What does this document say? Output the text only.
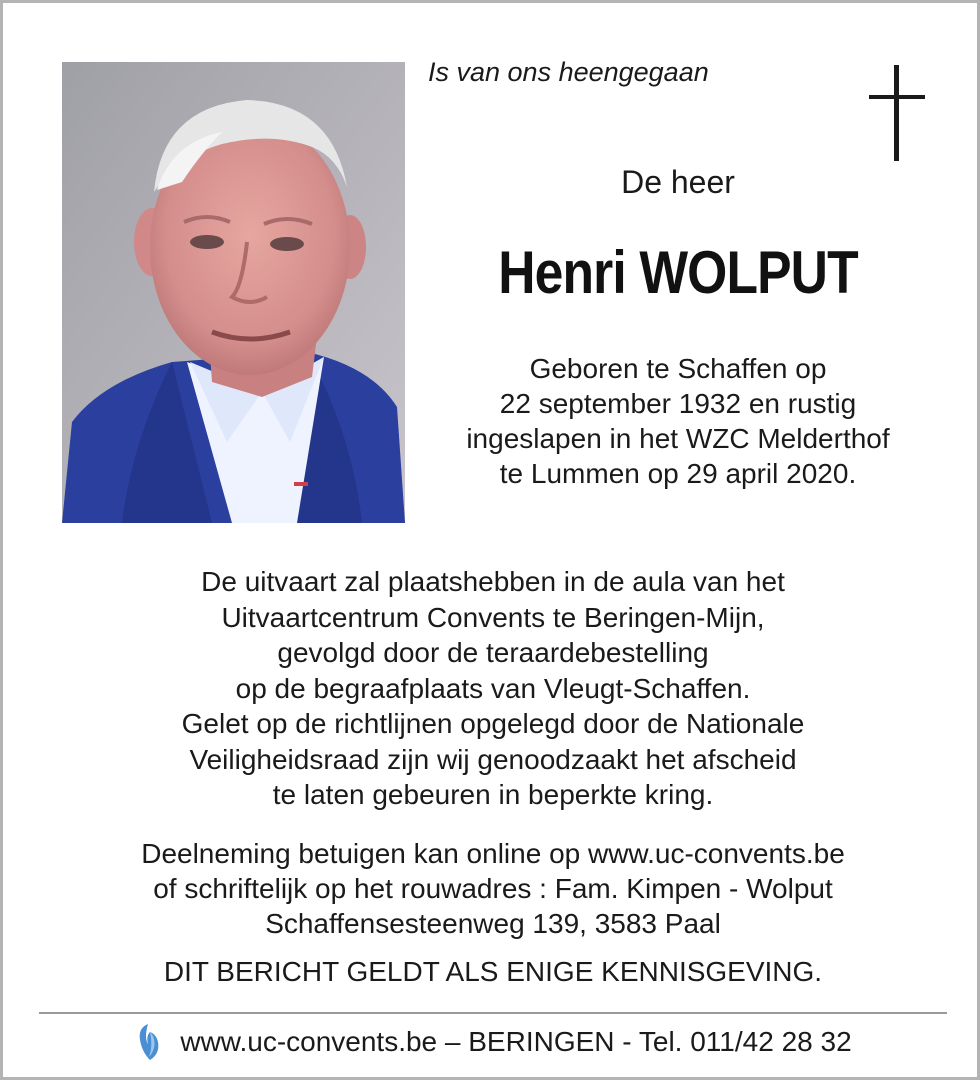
Is van ons heengegaan
De heer
Henri WOLPUT
Geboren te Schaffen op
22 september 1932 en rustig
ingeslapen in het WZC Melderthof
te Lummen op 29 april 2020.
De uitvaart zal plaatshebben in de aula van het
Uitvaartcentrum Convents te Beringen-Mijn,
gevolgd door de teraardebestelling
op de begraafplaats van Vleugt-Schaffen.
Gelet op de richtlijnen opgelegd door de Nationale
Veiligheidsraad zijn wij genoodzaakt het afscheid
te laten gebeuren in beperkte kring.
Deelneming betuigen kan online op www.uc-convents.be
of schriftelijk op het rouwadres : Fam. Kimpen - Wolput
Schaffensesteenweg 139, 3583 Paal
DIT BERICHT GELDT ALS ENIGE KENNISGEVING.
www.uc-convents.be – BERINGEN - Tel. 011/42 28 32
